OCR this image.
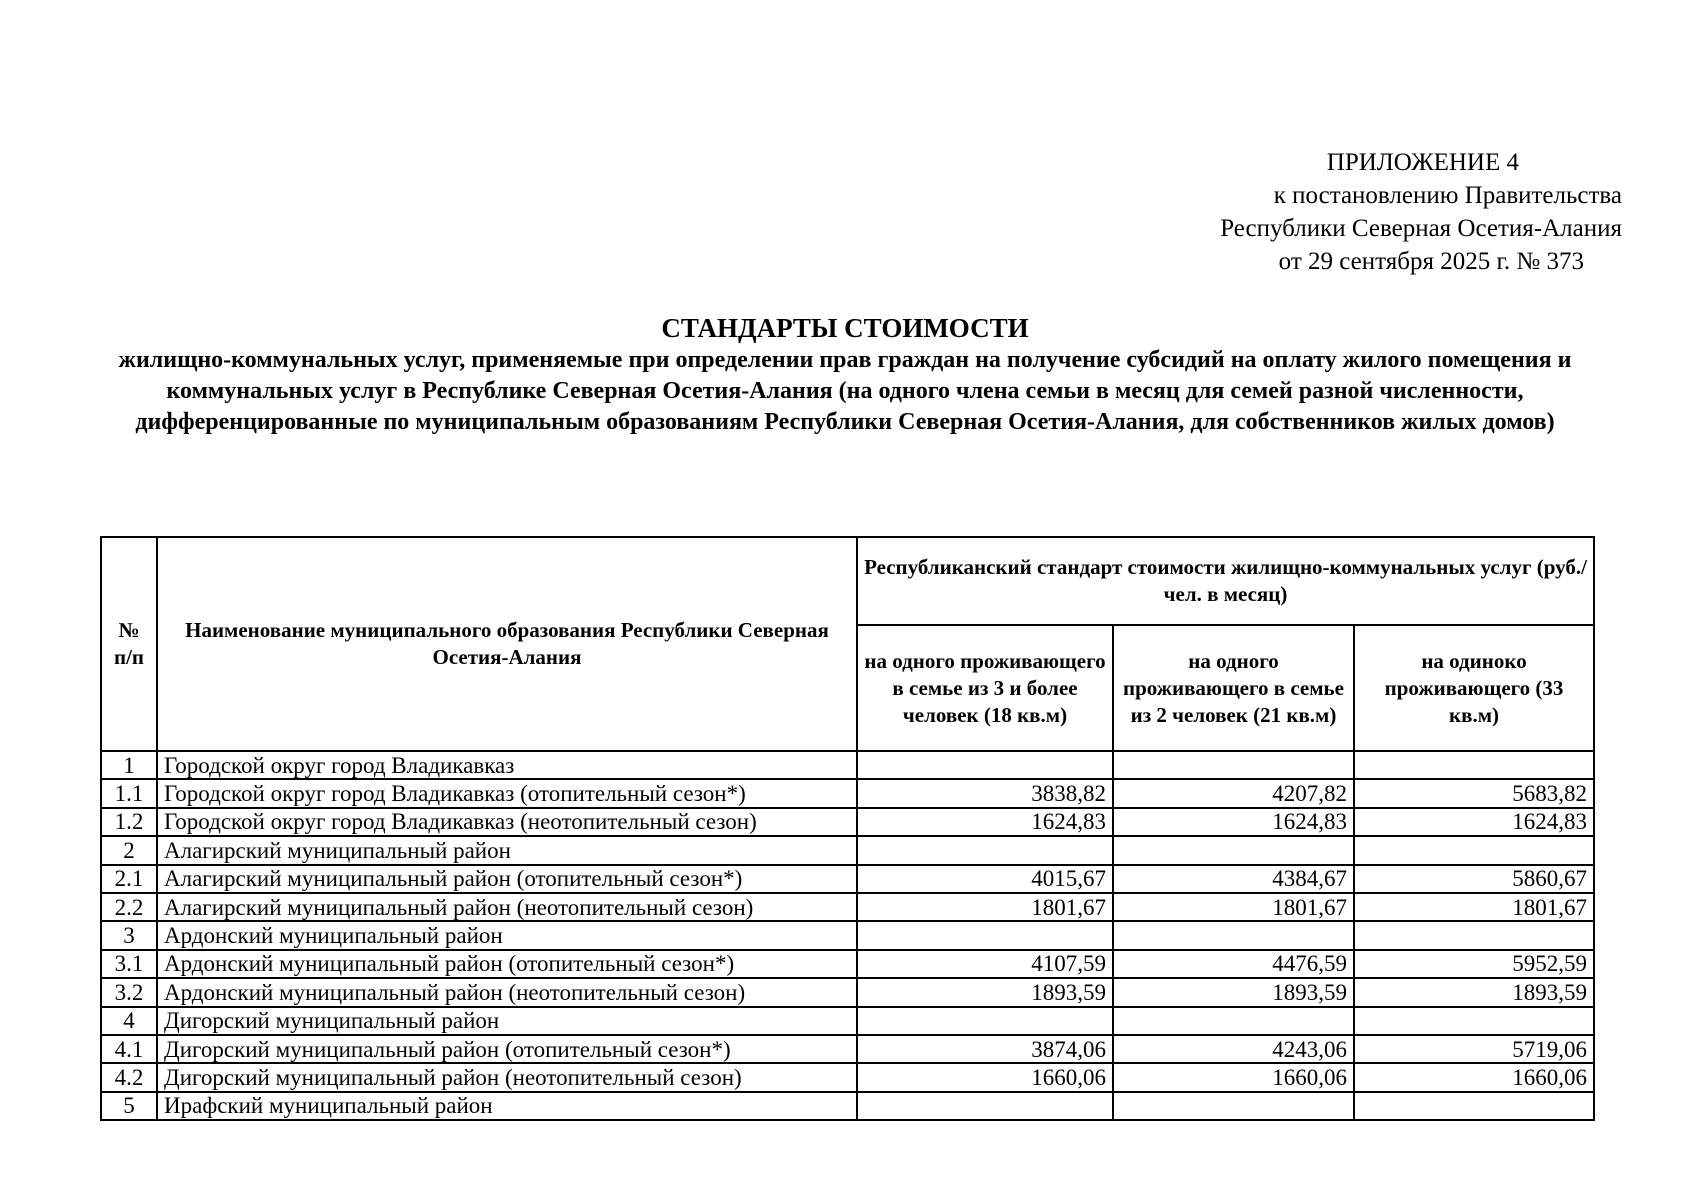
ПРИЛОЖЕНИЕ 4
к постановлению Правительства
Республики Северная Осетия-Алания
от 29 сентября 2025 г. № 373
СТАНДАРТЫ СТОИМОСТИ
жилищно-коммунальных услуг, применяемые при определении прав граждан на получение субсидий на оплату жилого помещения и коммунальных услуг в Республике Северная Осетия-Алания (на одного члена семьи в месяц для семей разной численности, дифференцированные по муниципальным образованиям Республики Северная Осетия-Алания, для собственников жилых домов)
№ п/п	Наименование муниципального образования Республики Северная Осетия-Алания	Республиканский стандарт стоимости жилищно-коммунальных услуг (руб./чел. в месяц)		
		на одного проживающего в семье из 3 и более человек (18 кв.м)	на одного проживающего в семье из 2 человек (21 кв.м)	на одиноко проживающего (33 кв.м)
1	Городской округ город Владикавказ			
1.1	Городской округ город Владикавказ (отопительный сезон*)	3838,82	4207,82	5683,82
1.2	Городской округ город Владикавказ (неотопительный сезон)	1624,83	1624,83	1624,83
2	Алагирский муниципальный район			
2.1	Алагирский муниципальный район (отопительный сезон*)	4015,67	4384,67	5860,67
2.2	Алагирский муниципальный район (неотопительный сезон)	1801,67	1801,67	1801,67
3	Ардонский муниципальный район			
3.1	Ардонский муниципальный район (отопительный сезон*)	4107,59	4476,59	5952,59
3.2	Ардонский муниципальный район (неотопительный сезон)	1893,59	1893,59	1893,59
4	Дигорский муниципальный район			
4.1	Дигорский муниципальный район (отопительный сезон*)	3874,06	4243,06	5719,06
4.2	Дигорский муниципальный район (неотопительный сезон)	1660,06	1660,06	1660,06
5	Ирафский муниципальный район			
